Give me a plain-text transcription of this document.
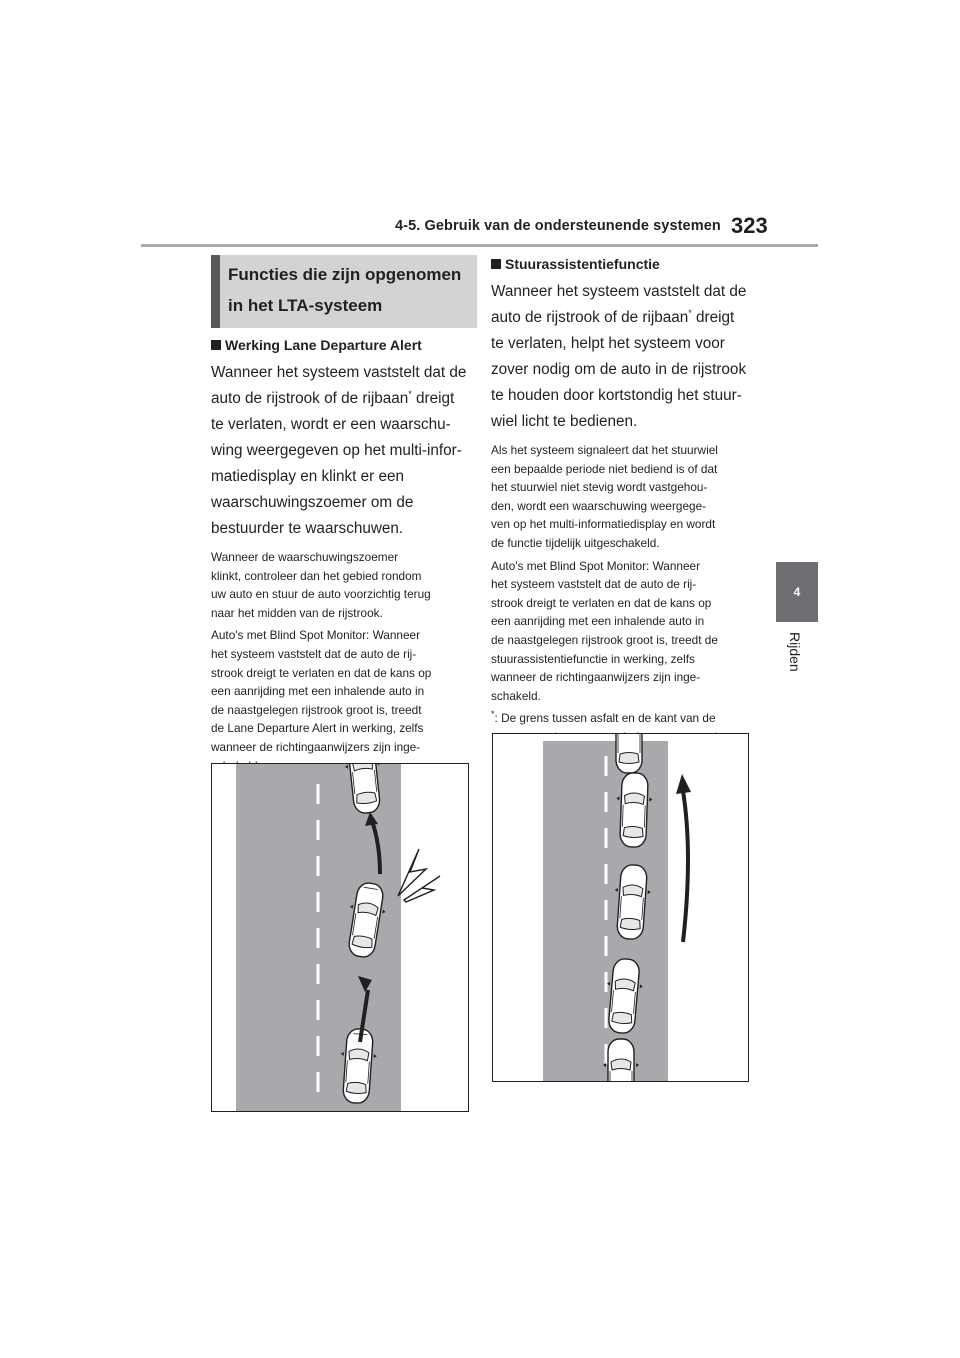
4-5. Gebruik van de ondersteunende systemen 323
4
Rijden
Functies die zijn opgenomen
in het LTA-systeem

Werking Lane Departure Alert

Wanneer het systeem vaststelt dat de
auto de rijstrook of de rijbaan* dreigt
te verlaten, wordt er een waarschu-
wing weergegeven op het multi-infor-
matiedisplay en klinkt er een
waarschuwingszoemer om de
bestuurder te waarschuwen.

Wanneer de waarschuwingszoemer
klinkt, controleer dan het gebied rondom
uw auto en stuur de auto voorzichtig terug
naar het midden van de rijstrook.

Auto's met Blind Spot Monitor: Wanneer
het systeem vaststelt dat de auto de rij-
strook dreigt te verlaten en dat de kans op
een aanrijding met een inhalende auto in
de naastgelegen rijstrook groot is, treedt
de Lane Departure Alert in werking, zelfs
wanneer de richtingaanwijzers zijn inge-

Stuurassistentiefunctie

Wanneer het systeem vaststelt dat de
auto de rijstrook of de rijbaan* dreigt
te verlaten, helpt het systeem voor
zover nodig om de auto in de rijstrook
te houden door kortstondig het stuur-
wiel licht te bedienen.

Als het systeem signaleert dat het stuurwiel
een bepaalde periode niet bediend is of dat
het stuurwiel niet stevig wordt vastgehou-
den, wordt een waarschuwing weergege-
ven op het multi-informatiedisplay en wordt
de functie tijdelijk uitgeschakeld.

Auto's met Blind Spot Monitor: Wanneer
het systeem vaststelt dat de auto de rij-
strook dreigt te verlaten en dat de kans op
een aanrijding met een inhalende auto in
de naastgelegen rijstrook groot is, treedt de
stuurassistentiefunctie in werking, zelfs
wanneer de richtingaanwijzers zijn inge-
schakeld.

*: De grens tussen asfalt en de kant van de
